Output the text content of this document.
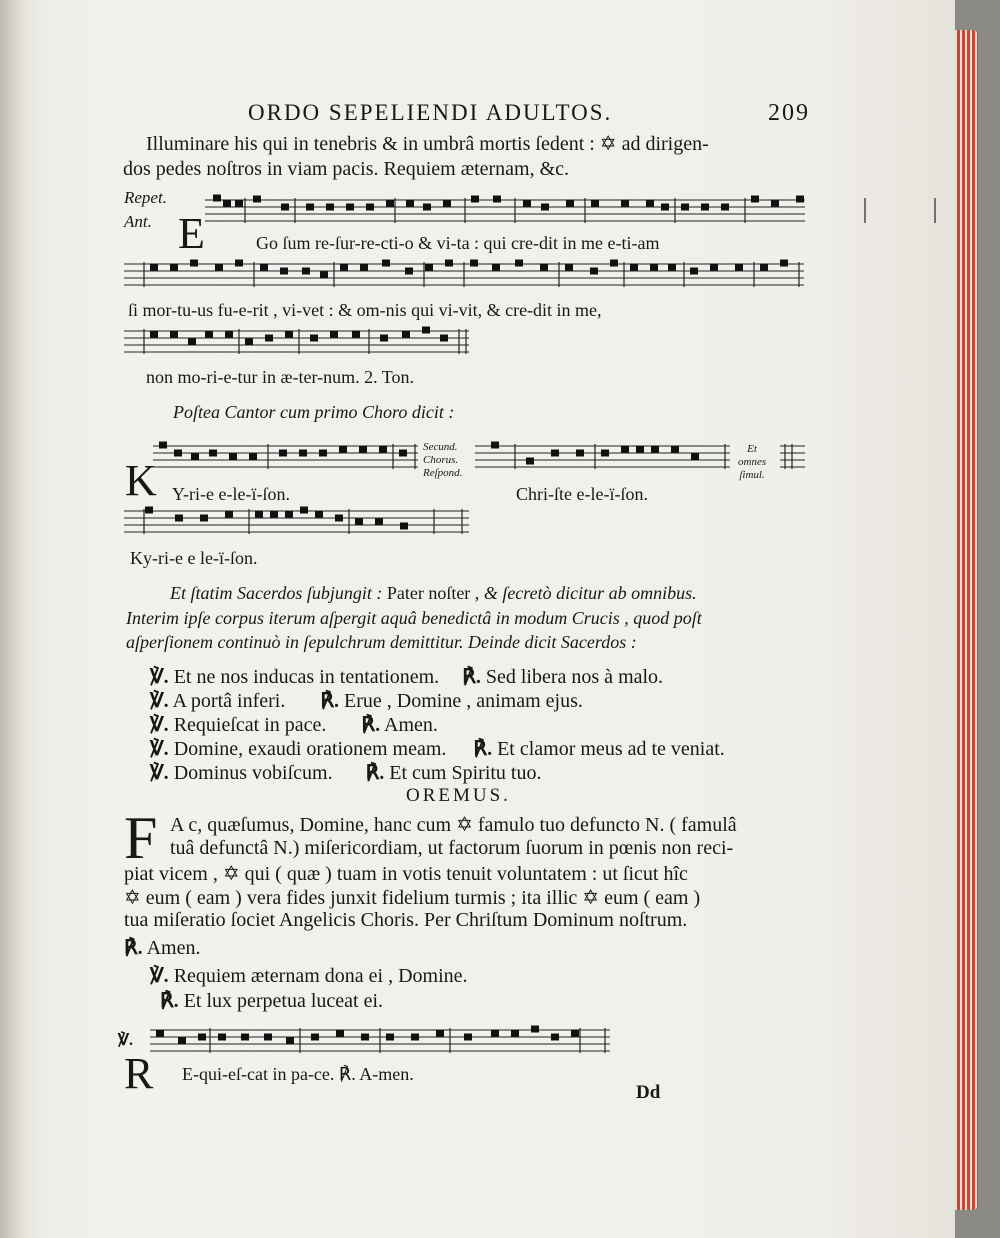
ORDO SEPELIENDI ADULTOS.	209
Illuminare his qui in tenebris & in umbrâ mortis ſedent : ✡ ad dirigen-
dos pedes noſtros in viam pacis. Requiem æternam, &c.
Repet.
Ant. E	Go ſum re-ſur-re-cti-o & vi-ta : qui cre-dit in me e-ti-am
ſi mor-tu-us fu-e-rit , vi-vet : & om-nis qui vi-vit, & cre-dit in me,
non mo-ri-e-tur in æ-ter-num. 2. Ton.
Poſtea Cantor cum primo Choro dicit :
K
Secund.
Chorus.
Reſpond.
Et
omnes
ſimul.
Y-ri-e e-le-ï-ſon.	Chri-ſte e-le-ï-ſon.
Ky-ri-e e le-ï-ſon.
Et ſtatim Sacerdos ſubjungit : Pater noſter , & ſecretò dicitur ab omnibus.
Interim ipſe corpus iterum aſpergit aquâ benedictâ in modum Crucis , quod poſt
aſperſionem continuò in ſepulchrum demittitur. Deinde dicit Sacerdos :
℣. Et ne nos inducas in tentationem. ℟. Sed libera nos à malo.
℣. A portâ inferi. ℟. Erue , Domine , animam ejus.
℣. Requieſcat in pace. ℟. Amen.
℣. Domine, exaudi orationem meam. ℟. Et clamor meus ad te veniat.
℣. Dominus vobiſcum. ℟. Et cum Spiritu tuo.
OREMUS.
F A c, quæſumus, Domine, hanc cum ✡ famulo tuo defuncto N. ( famulâ
tuâ defunctâ N.) miſericordiam, ut factorum ſuorum in pœnis non reci-
piat vicem , ✡ qui ( quæ ) tuam in votis tenuit voluntatem : ut ſicut hîc
✡ eum ( eam ) vera fides junxit fidelium turmis ; ita illic ✡ eum ( eam )
tua miſeratio ſociet Angelicis Choris. Per Chriſtum Dominum noſtrum.
℟. Amen.
℣. Requiem æternam dona ei , Domine.
℟. Et lux perpetua luceat ei.
℣.
R E-qui-eſ-cat in pa-ce. ℟. A-men.
Dd
